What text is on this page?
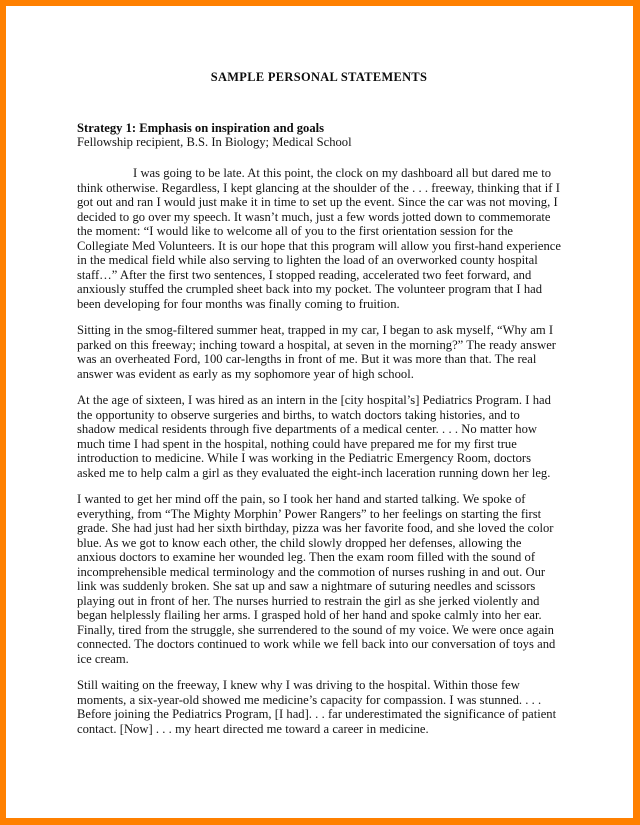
SAMPLE PERSONAL STATEMENTS

Strategy 1: Emphasis on inspiration and goals

Fellowship recipient, B.S. In Biology; Medical School

I was going to be late. At this point, the clock on my dashboard all but dared me to think otherwise. Regardless, I kept glancing at the shoulder of the . . . freeway, thinking that if I got out and ran I would just make it in time to set up the event. Since the car was not moving, I decided to go over my speech. It wasn’t much, just a few words jotted down to commemorate the moment: “I would like to welcome all of you to the first orientation session for the Collegiate Med Volunteers. It is our hope that this program will allow you first-hand experience in the medical field while also serving to lighten the load of an overworked county hospital staff…” After the first two sentences, I stopped reading, accelerated two feet forward, and anxiously stuffed the crumpled sheet back into my pocket. The volunteer program that I had been developing for four months was finally coming to fruition.

Sitting in the smog-filtered summer heat, trapped in my car, I began to ask myself, “Why am I parked on this freeway; inching toward a hospital, at seven in the morning?” The ready answer was an overheated Ford, 100 car-lengths in front of me. But it was more than that. The real answer was evident as early as my sophomore year of high school.

At the age of sixteen, I was hired as an intern in the [city hospital’s] Pediatrics Program. I had the opportunity to observe surgeries and births, to watch doctors taking histories, and to shadow medical residents through five departments of a medical center. . . . No matter how much time I had spent in the hospital, nothing could have prepared me for my first true introduction to medicine. While I was working in the Pediatric Emergency Room, doctors asked me to help calm a girl as they evaluated the eight-inch laceration running down her leg.

I wanted to get her mind off the pain, so I took her hand and started talking. We spoke of everything, from “The Mighty Morphin’ Power Rangers” to her feelings on starting the first grade. She had just had her sixth birthday, pizza was her favorite food, and she loved the color blue. As we got to know each other, the child slowly dropped her defenses, allowing the anxious doctors to examine her wounded leg. Then the exam room filled with the sound of incomprehensible medical terminology and the commotion of nurses rushing in and out. Our link was suddenly broken. She sat up and saw a nightmare of suturing needles and scissors playing out in front of her. The nurses hurried to restrain the girl as she jerked violently and began helplessly flailing her arms. I grasped hold of her hand and spoke calmly into her ear. Finally, tired from the struggle, she surrendered to the sound of my voice. We were once again connected. The doctors continued to work while we fell back into our conversation of toys and ice cream.

Still waiting on the freeway, I knew why I was driving to the hospital. Within those few moments, a six-year-old showed me medicine’s capacity for compassion. I was stunned. . . . Before joining the Pediatrics Program, [I had]. . . far underestimated the significance of patient contact. [Now] . . . my heart directed me toward a career in medicine.
